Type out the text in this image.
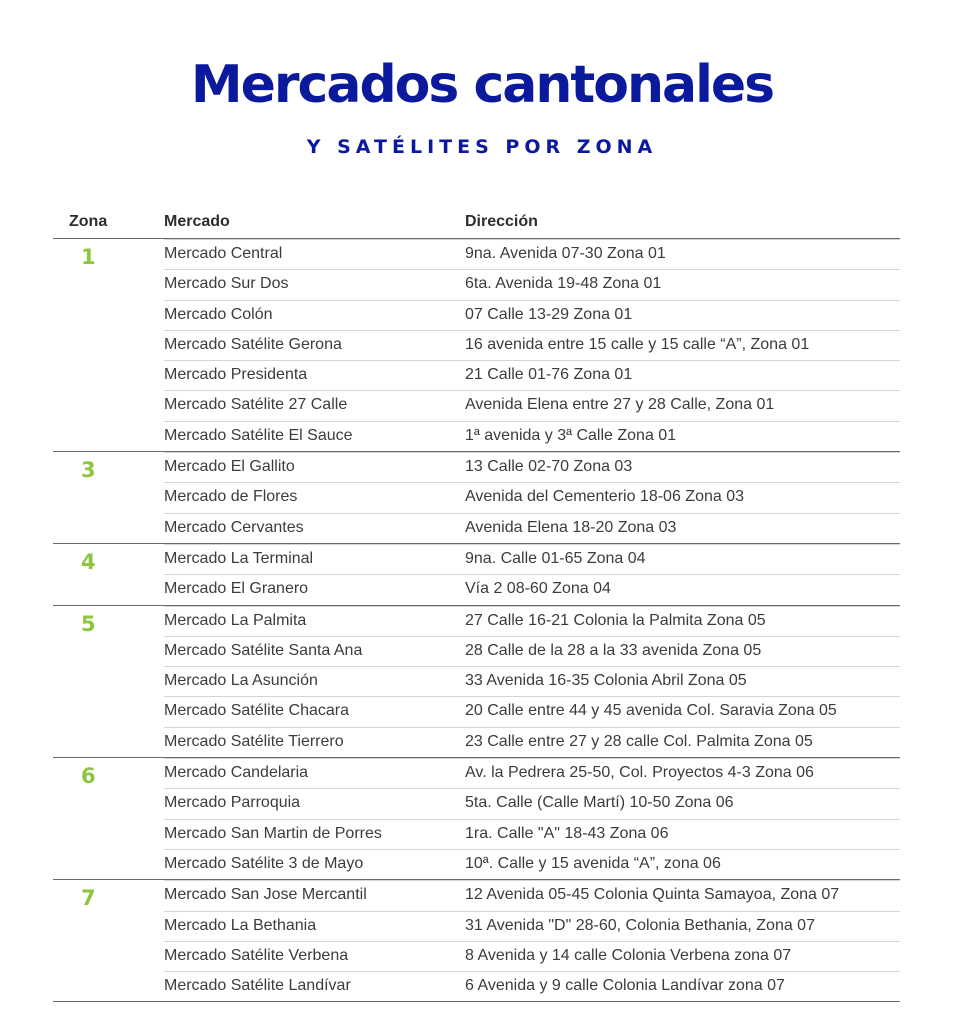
Mercados cantonales
Y SATÉLITES POR ZONA
Zona	Mercado	Dirección
1	Mercado Central	9na. Avenida 07-30 Zona 01
Mercado Sur Dos	6ta. Avenida 19-48 Zona 01
Mercado Colón	07 Calle 13-29 Zona 01
Mercado Satélite Gerona	16 avenida entre 15 calle y 15 calle “A”, Zona 01
Mercado Presidenta	21 Calle 01-76 Zona 01
Mercado Satélite 27 Calle	Avenida Elena entre 27 y 28 Calle, Zona 01
Mercado Satélite El Sauce	1ª avenida y 3ª Calle Zona 01
3	Mercado El Gallito	13 Calle 02-70 Zona 03
Mercado de Flores	Avenida del Cementerio 18-06 Zona 03
Mercado Cervantes	Avenida Elena 18-20 Zona 03
4	Mercado La Terminal	9na. Calle 01-65 Zona 04
Mercado El Granero	Vía 2 08-60 Zona 04
5	Mercado La Palmita	27 Calle 16-21 Colonia la Palmita Zona 05
Mercado Satélite Santa Ana	28 Calle de la 28 a la 33 avenida Zona 05
Mercado La Asunción	33 Avenida 16-35 Colonia Abril Zona 05
Mercado Satélite Chacara	20 Calle entre 44 y 45 avenida Col. Saravia Zona 05
Mercado Satélite Tierrero	23 Calle entre 27 y 28 calle Col. Palmita Zona 05
6	Mercado Candelaria	Av. la Pedrera 25-50, Col. Proyectos 4-3 Zona 06
Mercado Parroquia	5ta. Calle (Calle Martí) 10-50 Zona 06
Mercado San Martin de Porres	1ra. Calle "A" 18-43 Zona 06
Mercado Satélite 3 de Mayo	10ª. Calle y 15 avenida “A”, zona 06
7	Mercado San Jose Mercantil	12 Avenida 05-45 Colonia Quinta Samayoa, Zona 07
Mercado La Bethania	31 Avenida "D" 28-60, Colonia Bethania, Zona 07
Mercado Satélite Verbena	8 Avenida y 14 calle Colonia Verbena zona 07
Mercado Satélite Landívar	6 Avenida y 9 calle Colonia Landívar zona 07
